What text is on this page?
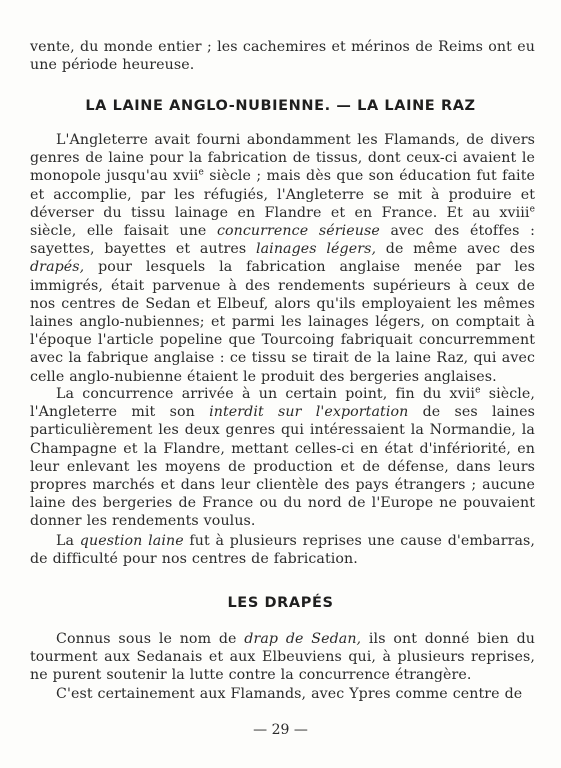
vente, du monde entier ; les cachemires et mérinos de Reims ont eu une période heureuse.

LA LAINE ANGLO-NUBIENNE. — LA LAINE RAZ

L'Angleterre avait fourni abondamment les Flamands, de divers genres de laine pour la fabrication de tissus, dont ceux-ci avaient le monopole jusqu'au xvii$^e$ siècle ; mais dès que son éducation fut faite et accomplie, par les réfugiés, l'Angleterre se mit à produire et déverser du tissu lainage en Flandre et en France. Et au xviii$^e$ siècle, elle faisait une concurrence sérieuse avec des étoffes : sayettes, bayettes et autres lainages légers, de même avec des drapés, pour lesquels la fabrication anglaise menée par les immigrés, était parvenue à des rendements supérieurs à ceux de nos centres de Sedan et Elbeuf, alors qu'ils employaient les mêmes laines anglo-nubiennes; et parmi les lainages légers, on comptait à l'époque l'article popeline que Tourcoing fabriquait concurremment avec la fabrique anglaise : ce tissu se tirait de la laine Raz, qui avec celle anglo-nubienne étaient le produit des bergeries anglaises.

La concurrence arrivée à un certain point, fin du xvii$^e$ siècle, l'Angleterre mit son interdit sur l'exportation de ses laines particulièrement les deux genres qui intéressaient la Normandie, la Champagne et la Flandre, mettant celles-ci en état d'infériorité, en leur enlevant les moyens de production et de défense, dans leurs propres marchés et dans leur clientèle des pays étrangers ; aucune laine des bergeries de France ou du nord de l'Europe ne pouvaient donner les rendements voulus.

La question laine fut à plusieurs reprises une cause d'embarras, de difficulté pour nos centres de fabrication.

LES DRAPÉS

Connus sous le nom de drap de Sedan, ils ont donné bien du tourment aux Sedanais et aux Elbeuviens qui, à plusieurs reprises, ne purent soutenir la lutte contre la concurrence étrangère.

C'est certainement aux Flamands, avec Ypres comme centre de

— 29 —
